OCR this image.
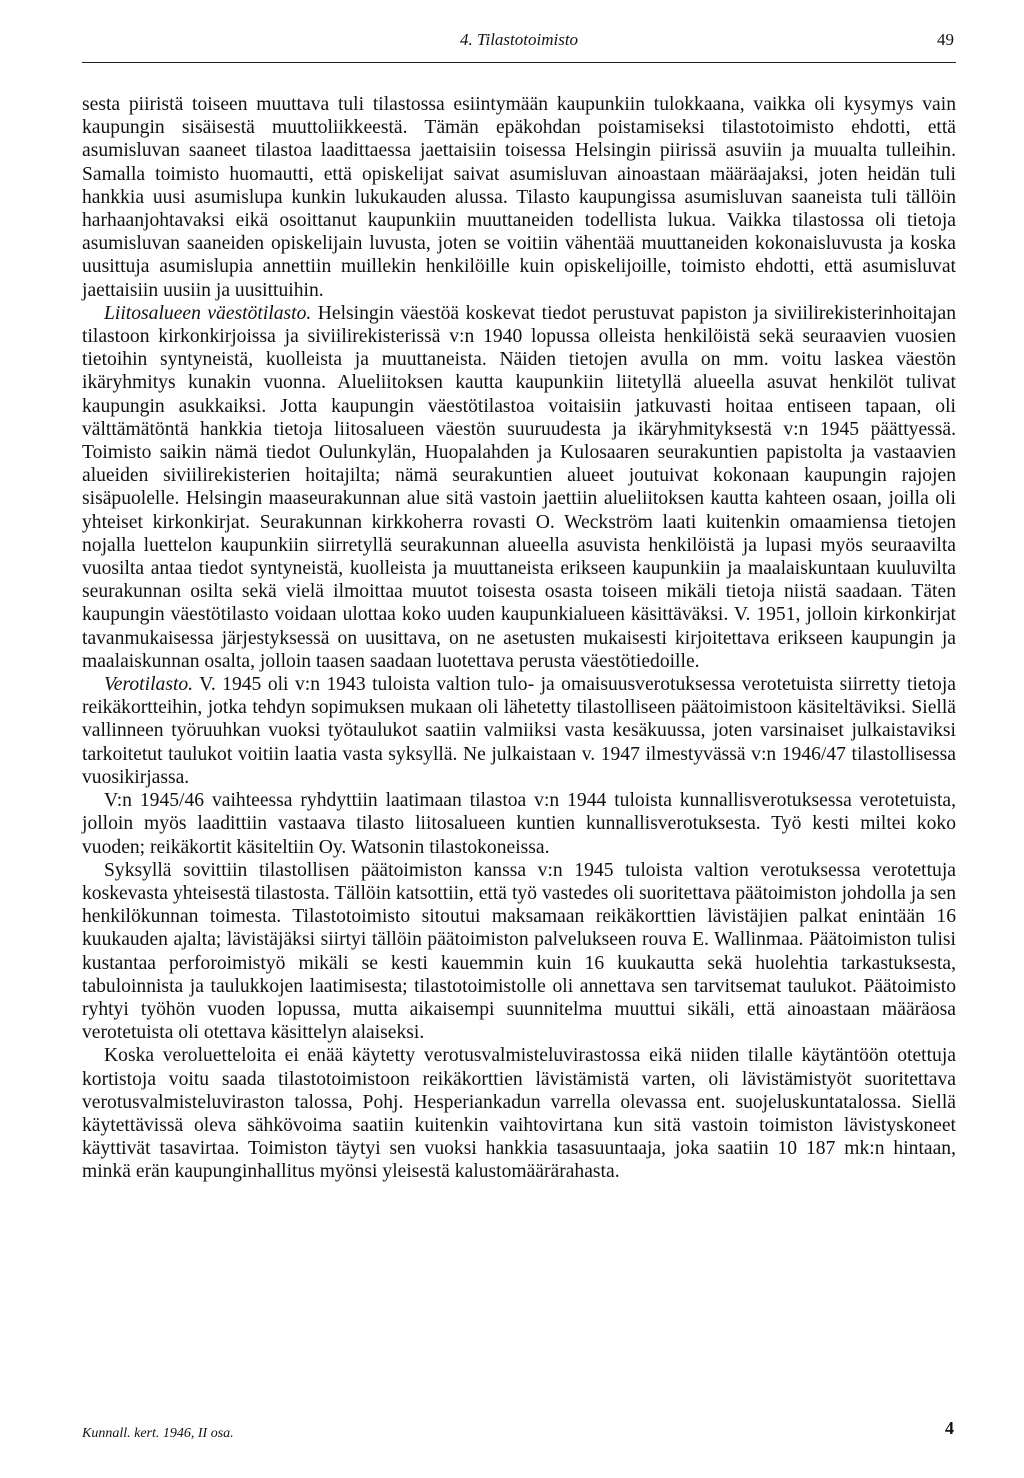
4. Tilastotoimisto	49

sesta piiristä toiseen muuttava tuli tilastossa esiintymään kaupunkiin tulokkaana, vaikka oli kysymys vain kaupungin sisäisestä muuttoliikkeestä. Tämän epäkohdan poistamiseksi tilastotoimisto ehdotti, että asumisluvan saaneet tilastoa laadittaessa jaettaisiin toisessa Helsingin piirissä asuviin ja muualta tulleihin. Samalla toimisto huomautti, että opiskelijat saivat asumisluvan ainoastaan määräajaksi, joten heidän tuli hankkia uusi asumislupa kunkin lukukauden alussa. Tilasto kaupungissa asumisluvan saaneista tuli tällöin harhaanjohtavaksi eikä osoittanut kaupunkiin muuttaneiden todellista lukua. Vaikka tilastossa oli tietoja asumisluvan saaneiden opiskelijain luvusta, joten se voitiin vähentää muuttaneiden kokonaisluvusta ja koska uusittuja asumislupia annettiin muillekin henkilöille kuin opiskelijoille, toimisto ehdotti, että asumisluvat jaettaisiin uusiin ja uusittuihin.

Liitosalueen väestötilasto. Helsingin väestöä koskevat tiedot perustuvat papiston ja siviilirekisterinhoitajan tilastoon kirkonkirjoissa ja siviilirekisterissä v:n 1940 lopussa olleista henkilöistä sekä seuraavien vuosien tietoihin syntyneistä, kuolleista ja muuttaneista. Näiden tietojen avulla on mm. voitu laskea väestön ikäryhmitys kunakin vuonna. Alueliitoksen kautta kaupunkiin liitetyllä alueella asuvat henkilöt tulivat kaupungin asukkaiksi. Jotta kaupungin väestötilastoa voitaisiin jatkuvasti hoitaa entiseen tapaan, oli välttämätöntä hankkia tietoja liitosalueen väestön suuruudesta ja ikäryhmityksestä v:n 1945 päättyessä. Toimisto saikin nämä tiedot Oulunkylän, Huopalahden ja Kulosaaren seurakuntien papistolta ja vastaavien alueiden siviilirekisterien hoitajilta; nämä seurakuntien alueet joutuivat kokonaan kaupungin rajojen sisäpuolelle. Helsingin maaseurakunnan alue sitä vastoin jaettiin alueliitoksen kautta kahteen osaan, joilla oli yhteiset kirkonkirjat. Seurakunnan kirkkoherra rovasti O. Weckström laati kuitenkin omaamiensa tietojen nojalla luettelon kaupunkiin siirretyllä seurakunnan alueella asuvista henkilöistä ja lupasi myös seuraavilta vuosilta antaa tiedot syntyneistä, kuolleista ja muuttaneista erikseen kaupunkiin ja maalaiskuntaan kuuluvilta seurakunnan osilta sekä vielä ilmoittaa muutot toisesta osasta toiseen mikäli tietoja niistä saadaan. Täten kaupungin väestötilasto voidaan ulottaa koko uuden kaupunkialueen käsittäväksi. V. 1951, jolloin kirkonkirjat tavanmukaisessa järjestyksessä on uusittava, on ne asetusten mukaisesti kirjoitettava erikseen kaupungin ja maalaiskunnan osalta, jolloin taasen saadaan luotettava perusta väestötiedoille.

Verotilasto. V. 1945 oli v:n 1943 tuloista valtion tulo- ja omaisuusverotuksessa verotetuista siirretty tietoja reikäkortteihin, jotka tehdyn sopimuksen mukaan oli lähetetty tilastolliseen päätoimistoon käsiteltäviksi. Siellä vallinneen työruuhkan vuoksi työtaulukot saatiin valmiiksi vasta kesäkuussa, joten varsinaiset julkaistaviksi tarkoitetut taulukot voitiin laatia vasta syksyllä. Ne julkaistaan v. 1947 ilmestyvässä v:n 1946/47 tilastollisessa vuosikirjassa.

V:n 1945/46 vaihteessa ryhdyttiin laatimaan tilastoa v:n 1944 tuloista kunnallisverotuksessa verotetuista, jolloin myös laadittiin vastaava tilasto liitosalueen kuntien kunnallisverotuksesta. Työ kesti miltei koko vuoden; reikäkortit käsiteltiin Oy. Watsonin tilastokoneissa.

Syksyllä sovittiin tilastollisen päätoimiston kanssa v:n 1945 tuloista valtion verotuksessa verotettuja koskevasta yhteisestä tilastosta. Tällöin katsottiin, että työ vastedes oli suoritettava päätoimiston johdolla ja sen henkilökunnan toimesta. Tilastotoimisto sitoutui maksamaan reikäkorttien lävistäjien palkat enintään 16 kuukauden ajalta; lävistäjäksi siirtyi tällöin päätoimiston palvelukseen rouva E. Wallinmaa. Päätoimiston tulisi kustantaa perforoimistyö mikäli se kesti kauemmin kuin 16 kuukautta sekä huolehtia tarkastuksesta, tabuloinnista ja taulukkojen laatimisesta; tilastotoimistolle oli annettava sen tarvitsemat taulukot. Päätoimisto ryhtyi työhön vuoden lopussa, mutta aikaisempi suunnitelma muuttui sikäli, että ainoastaan määräosa verotetuista oli otettava käsittelyn alaiseksi.

Koska veroluetteloita ei enää käytetty verotusvalmisteluvirastossa eikä niiden tilalle käytäntöön otettuja kortistoja voitu saada tilastotoimistoon reikäkorttien lävistämistä varten, oli lävistämistyöt suoritettava verotusvalmisteluviraston talossa, Pohj. Hesperiankadun varrella olevassa ent. suojeluskuntatalossa. Siellä käytettävissä oleva sähkövoima saatiin kuitenkin vaihtovirtana kun sitä vastoin toimiston lävistyskoneet käyttivät tasavirtaa. Toimiston täytyi sen vuoksi hankkia tasasuuntaaja, joka saatiin 10 187 mk:n hintaan, minkä erän kaupunginhallitus myönsi yleisestä kalustomäärärahasta.

Kunnall. kert. 1946, II osa.	4
